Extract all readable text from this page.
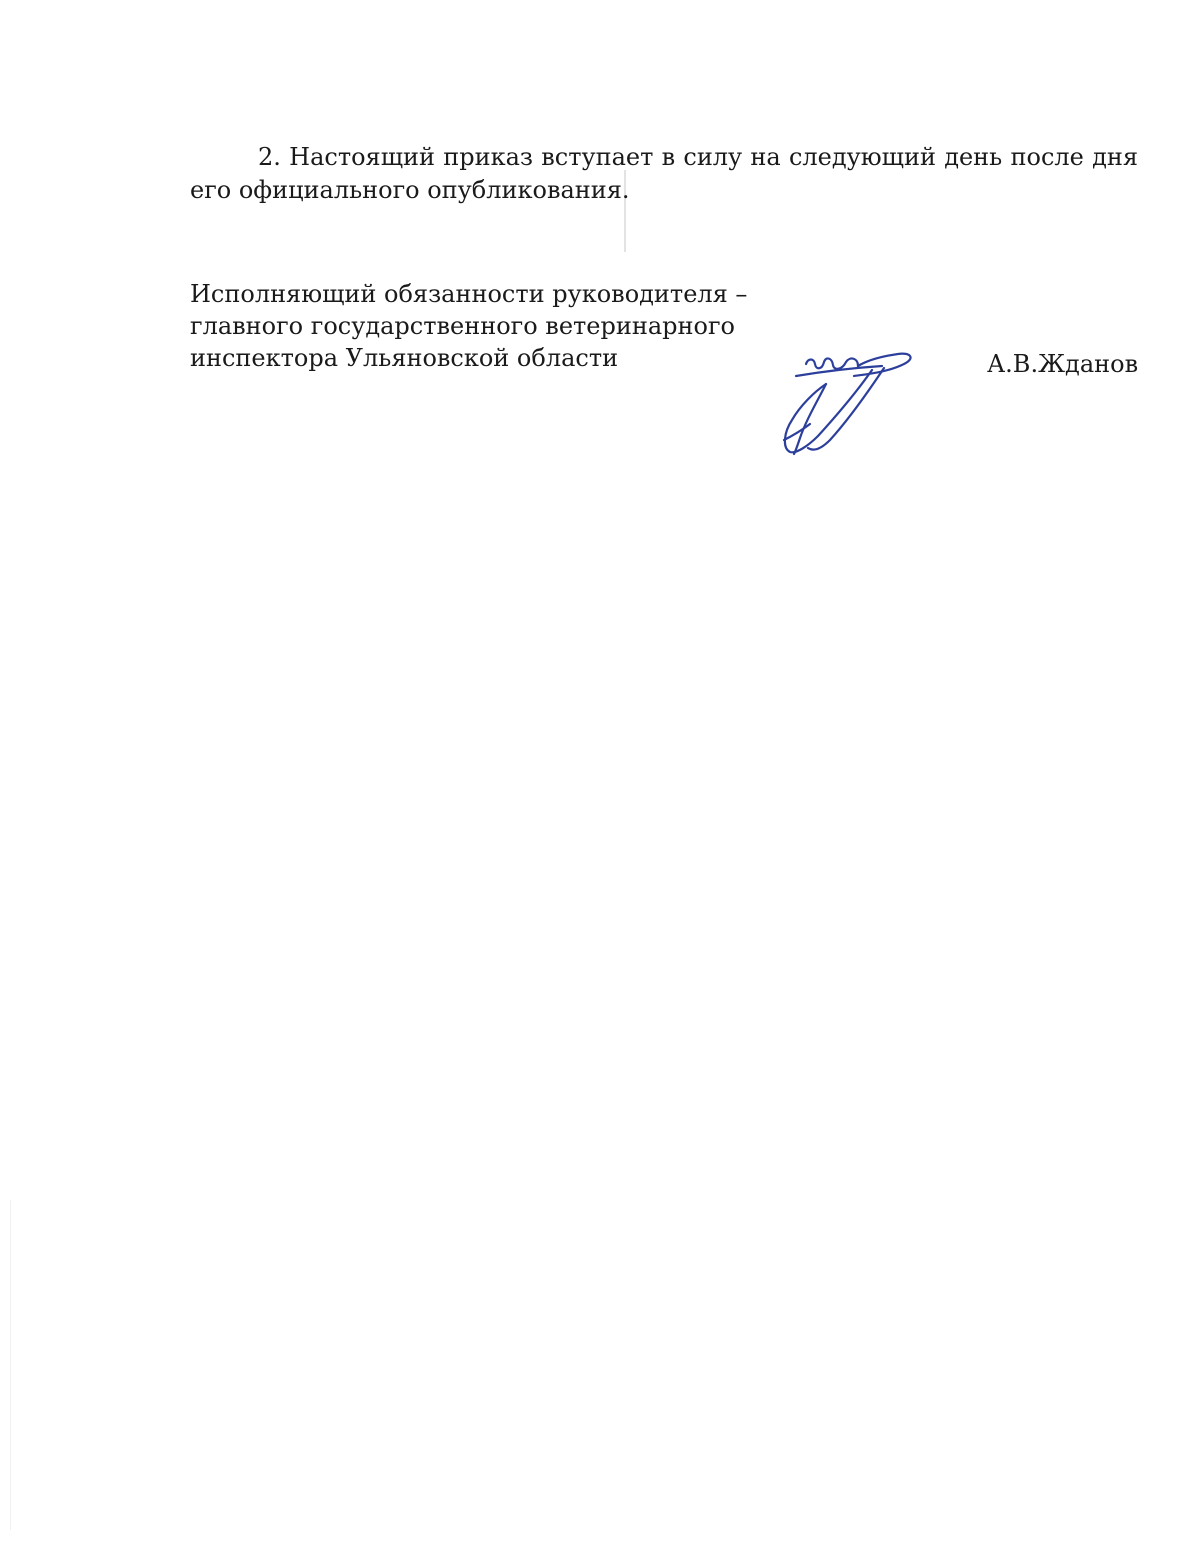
2. Настоящий приказ вступает в силу на следующий день после дня его официального опубликования.

Исполняющий обязанности руководителя –
главного государственного ветеринарного
инспектора Ульяновской области	А.В.Жданов
